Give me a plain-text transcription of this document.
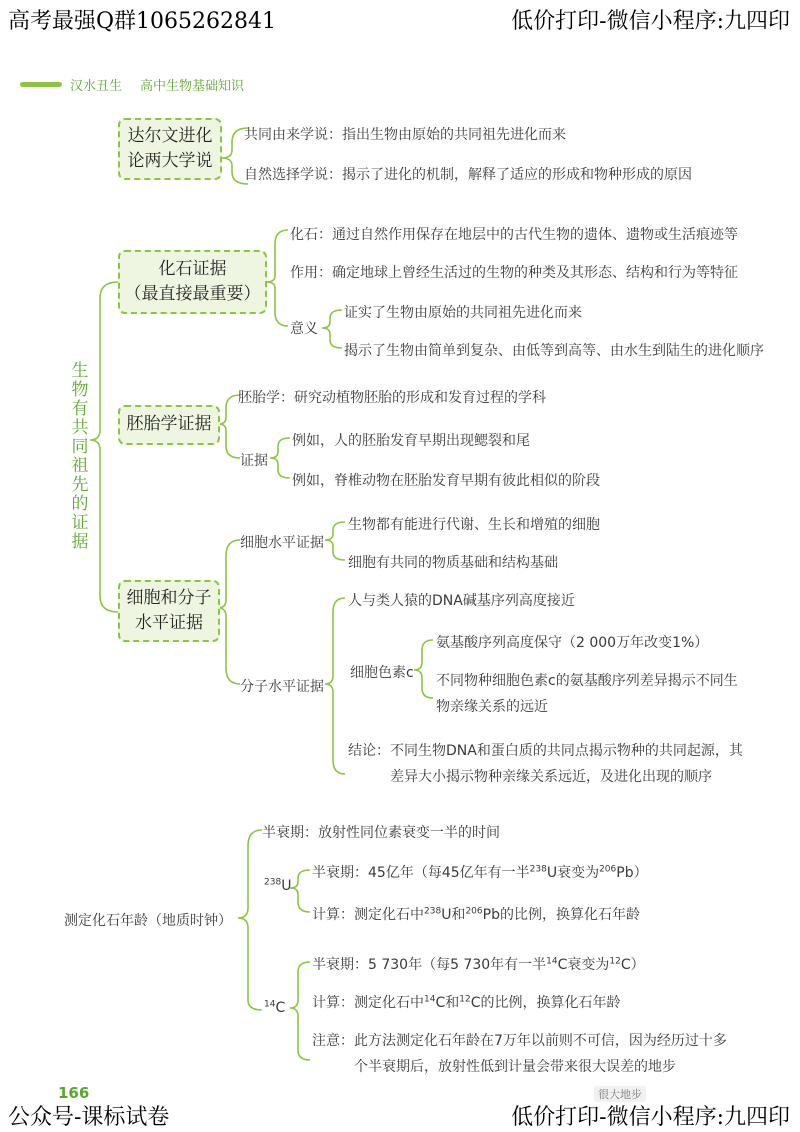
高考最强Q群1065262841	低价打印-微信小程序:九四印
公众号-课标试卷	低价打印-微信小程序:九四印
汉水丑生 高中生物基础知识
达尔文进化
论两大学说
共同由来学说：指出生物由原始的共同祖先进化而来
自然选择学说：揭示了进化的机制，解释了适应的形成和物种形成的原因
生物有共同祖先的证据
化石证据
（最直接最重要）
化石：通过自然作用保存在地层中的古代生物的遗体、遗物或生活痕迹等
作用：确定地球上曾经生活过的生物的种类及其形态、结构和行为等特征
意义
证实了生物由原始的共同祖先进化而来
揭示了生物由简单到复杂、由低等到高等、由水生到陆生的进化顺序
胚胎学证据
胚胎学：研究动植物胚胎的形成和发育过程的学科
证据
例如，人的胚胎发育早期出现鳃裂和尾
例如，脊椎动物在胚胎发育早期有彼此相似的阶段
细胞和分子
水平证据
细胞水平证据
生物都有能进行代谢、生长和增殖的细胞
细胞有共同的物质基础和结构基础
分子水平证据
人与类人猿的DNA碱基序列高度接近
细胞色素c
氨基酸序列高度保守（2 000万年改变1%）
不同物种细胞色素c的氨基酸序列差异揭示不同生
物亲缘关系的远近
结论：不同生物DNA和蛋白质的共同点揭示物种的共同起源，其
差异大小揭示物种亲缘关系远近，及进化出现的顺序
测定化石年龄（地质时钟）
半衰期：放射性同位素衰变一半的时间
$^{238}$U
半衰期：45亿年（每45亿年有一半$^{238}$U衰变为$^{206}$Pb）
计算：测定化石中$^{238}$U和$^{206}$Pb的比例，换算化石年龄
$^{14}$C
半衰期：5 730年（每5 730年有一半$^{14}$C衰变为$^{12}$C）
计算：测定化石中$^{14}$C和$^{12}$C的比例，换算化石年龄
注意：此方法测定化石年龄在7万年以前则不可信，因为经历过十多
个半衰期后，放射性低到计量会带来很大误差的地步
166	很大地步
